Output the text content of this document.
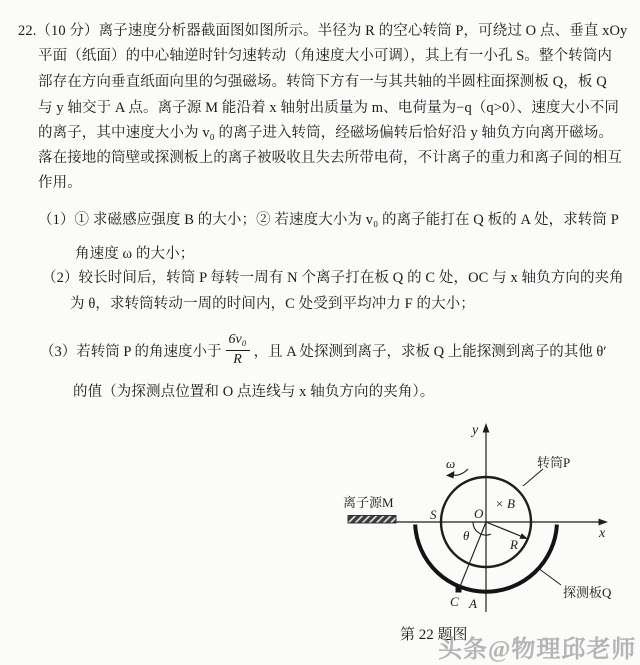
22.（10 分）离子速度分析器截面图如图所示。半径为 R 的空心转筒 P，可绕过 O 点、垂直 xOy
平面（纸面）的中心轴逆时针匀速转动（角速度大小可调），其上有一小孔 S。整个转筒内
部存在方向垂直纸面向里的匀强磁场。转筒下方有一与其共轴的半圆柱面探测板 Q，板 Q
与 y 轴交于 A 点。离子源 M 能沿着 x 轴射出质量为 m、电荷量为−q（q>0）、速度大小不同
的离子，其中速度大小为 v₀ 的离子进入转筒，经磁场偏转后恰好沿 y 轴负方向离开磁场。
落在接地的筒壁或探测板上的离子被吸收且失去所带电荷，不计离子的重力和离子间的相互
作用。
（1）① 求磁感应强度 B 的大小；② 若速度大小为 v₀ 的离子能打在 Q 板的 A 处，求转筒 P
角速度 ω 的大小；
（2）较长时间后，转筒 P 每转一周有 N 个离子打在板 Q 的 C 处，OC 与 x 轴负方向的夹角
为 θ，求转筒转动一周的时间内，C 处受到平均冲力 F 的大小；
（3）若转筒 P 的角速度小于 $\frac{\text{6v₀}}{R}$ ，且 A 处探测到离子，求板 Q 上能探测到离子的其他 θ′
的值（为探测点位置和 O 点连线与 x 轴负方向的夹角）。
y
x
ω
× B
O
S
θ
R
C A
离子源M
转筒P
探测板Q
第 22 题图
头条@物理邱老师
